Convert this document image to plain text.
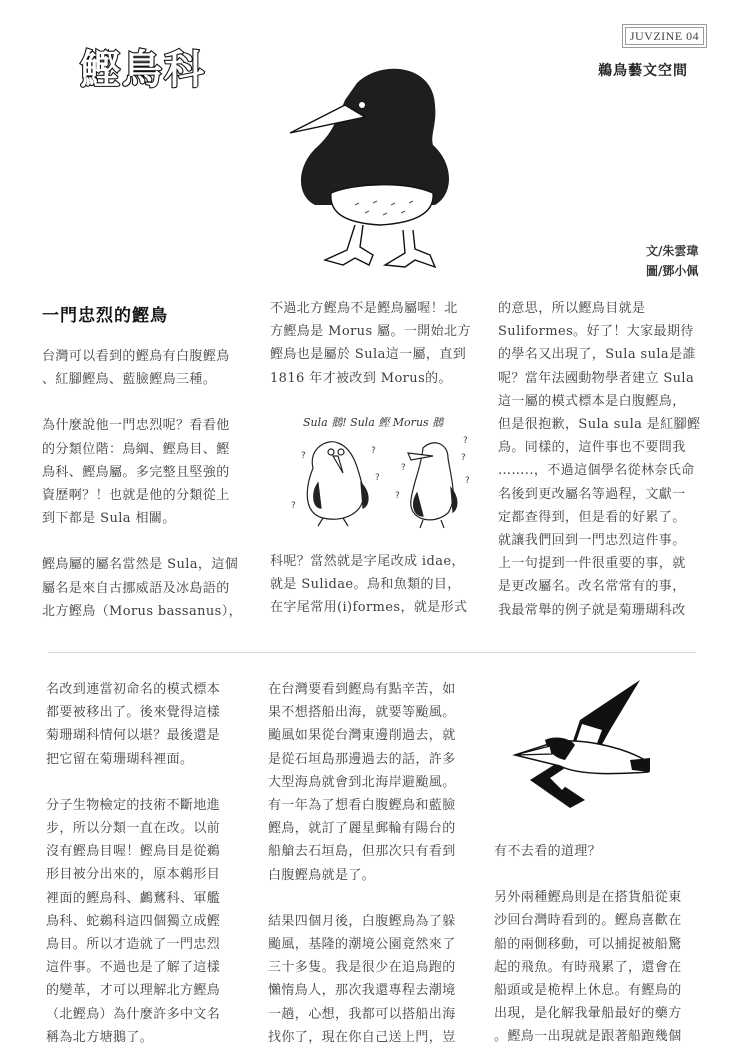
鰹鳥科
JUVZINE 04
鵜鳥藝文空間
文/朱雲瑋
圖/鄧小佩
一門忠烈的鰹鳥

台灣可以看到的鰹鳥有白腹鰹鳥

、紅腳鰹鳥、藍臉鰹鳥三種。

為什麼說他一門忠烈呢？看看他

的分類位階：鳥綱、鰹鳥目、鰹

鳥科、鰹鳥屬。多完整且堅強的

資歷啊？！也就是他的分類從上

到下都是 Sula 相關。

鰹鳥屬的屬名當然是 Sula，這個

屬名是來自古挪威語及冰島語的

北方鰹鳥（Morus bassanus），

不過北方鰹鳥不是鰹鳥屬喔！北

方鰹鳥是 Morus 屬。一開始北方

鰹鳥也是屬於 Sula這一屬，直到

1816 年才被改到 Morus的。

Sula 鵝! Sula 鰹 Morus 鵝
?	?
?
?
?
?
?
?
?

科呢？當然就是字尾改成 idae，

就是 Sulidae。鳥和魚類的目，

在字尾常用(i)formes，就是形式

的意思，所以鰹鳥目就是

Suliformes。好了！大家最期待

的學名又出現了，Sula sula是誰

呢？當年法國動物學者建立 Sula

這一屬的模式標本是白腹鰹鳥，

但是很抱歉，Sula sula 是紅腳鰹

鳥。同樣的，這件事也不要問我

……..，不過這個學名從林奈氏命

名後到更改屬名等過程，文獻一

定都查得到，但是看的好累了。

就讓我們回到一門忠烈這件事。

上一句提到一件很重要的事，就

是更改屬名。改名常常有的事，

我最常舉的例子就是菊珊瑚科改

名改到連當初命名的模式標本

都要被移出了。後來覺得這樣

菊珊瑚科情何以堪？最後還是

把它留在菊珊瑚科裡面。

分子生物檢定的技術不斷地進

步，所以分類一直在改。以前

沒有鰹鳥目喔！鰹鳥目是從鵜

形目被分出來的，原本鵜形目

裡面的鰹鳥科、鸕鶿科、軍艦

鳥科、蛇鵜科這四個獨立成鰹

鳥目。所以才造就了一門忠烈

這件事。不過也是了解了這樣

的變革，才可以理解北方鰹鳥

（北鰹鳥）為什麼許多中文名

稱為北方塘鵝了。

在台灣要看到鰹鳥有點辛苦，如

果不想搭船出海，就要等颱風。

颱風如果從台灣東邊削過去，就

是從石垣島那邊過去的話，許多

大型海鳥就會到北海岸避颱風。

有一年為了想看白腹鰹鳥和藍臉

鰹鳥，就訂了麗星郵輪有陽台的

船艙去石垣島，但那次只有看到

白腹鰹鳥就是了。

結果四個月後，白腹鰹鳥為了躲

颱風，基隆的潮境公園竟然來了

三十多隻。我是很少在追鳥跑的

懶惰鳥人，那次我還專程去潮境

一趟，心想，我都可以搭船出海

找你了，現在你自己送上門，豈

有不去看的道理？

另外兩種鰹鳥則是在搭貨船從東

沙回台灣時看到的。鰹鳥喜歡在

船的兩側移動，可以捕捉被船驚

起的飛魚。有時飛累了，還會在

船頭或是桅桿上休息。有鰹鳥的

出現，是化解我暈船最好的藥方

。鰹鳥一出現就是跟著船跑幾個
